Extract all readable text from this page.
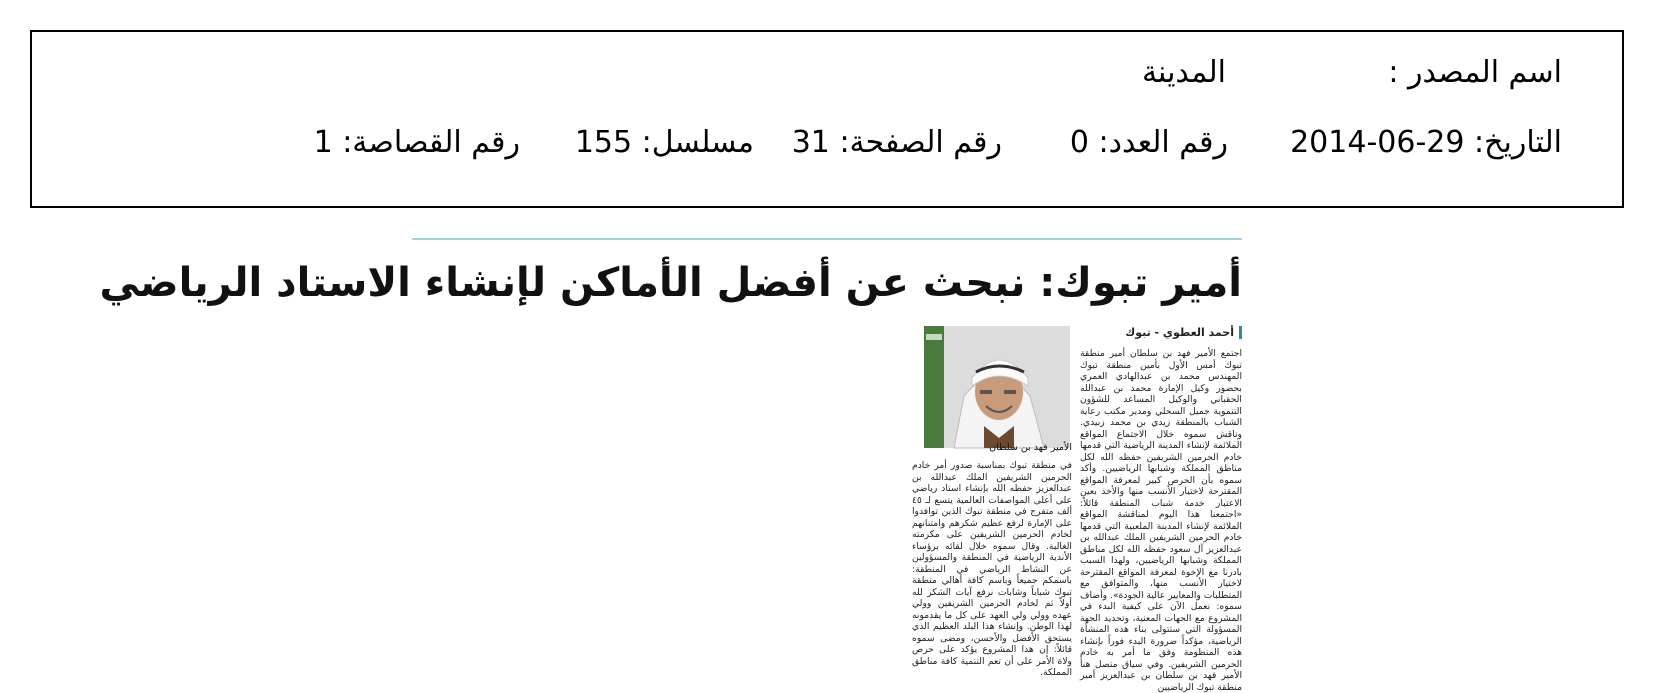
اسم المصدر :
المدينة
التاريخ: 29-06-2014
رقم العدد: 0
رقم الصفحة: 31
مسلسل: 155
رقم القصاصة: 1
أمير تبوك: نبحث عن أفضل الأماكن لإنشاء الاستاد الرياضي
أحمد العطوي - تبوك
الأمير فهد بن سلطان
اجتمع الأمير فهد بن سلطان أمير منطقة تبوك أمس الأول بأمين منطقة تبوك المهندس محمد بن عبدالهادي العمري بحضور وكيل الإمارة محمد بن عبدالله الحقباني والوكيل المساعد للشؤون التنموية جميل السحلي ومدير مكتب رعاية الشباب بالمنطقة زيدي بن محمد زبيدي. وناقش سموه خلال الاجتماع المواقع الملائمة لإنشاء المدينة الرياضية التي قدمها خادم الحرمين الشريفين حفظه الله لكل مناطق المملكة وشبابها الرياضيين. وأكد سموه بأن الحرص كبير لمعرفة المواقع المقترحة لاختيار الأنسب منها والأخذ بعين الاعتبار خدمة شباب المنطقة قائلاً: «اجتمعنا هذا اليوم لمناقشة المواقع الملائمة لإنشاء المدينة الملعبية التي قدمها خادم الحرمين الشريفين الملك عبدالله بن عبدالعزيز آل سعود حفظه الله لكل مناطق المملكة وشبابها الرياضيين، ولهذا السبب بادرنا مع الإخوة لمعرفة المواقع المقترحة لاختيار الأنسب منها، والمتوافق مع المتطلبات والمعايير عالية الجودة». وأضاف سموه: نعمل الآن على كيفية البدء في المشروع مع الجهات المعنية، وتحديد الجهة المسؤولة التي ستتولى بناء هذه المنشأة الرياضية، مؤكداً ضرورة البدء فوراً بإنشاء هذه المنظومة وفق ما أمر به خادم الحرمين الشريفين. وفي سياق متصل هنأ الأمير فهد بن سلطان بن عبدالعزيز أمير منطقة تبوك الرياضيين
في منطقة تبوك بمناسبة صدور أمر خادم الحرمين الشريفين الملك عبدالله بن عبدالعزيز حفظه الله بإنشاء استاد رياضي على أعلى المواصفات العالمية يتسع لـ ٤٥ ألف متفرج في منطقة تبوك الذين توافدوا على الإمارة لرفع عظيم شكرهم وامتنانهم لخادم الحرمين الشريفين على مكرمته الغالية. وقال سموه خلال لقائه برؤساء الأندية الرياضية في المنطقة والمسؤولين عن النشاط الرياضي في المنطقة: باسمكم جميعاً وباسم كافة أهالي منطقة تبوك شباباً وشابات نرفع آيات الشكر لله أولاً ثم لخادم الحرمين الشريفين وولي عهده وولي ولي العهد على كل ما يقدمونه لهذا الوطن. وإنشاء هذا البلد العظيم الذي يستحق الأفضل والأحسن، ومضى سموه قائلاً: إن هذا المشروع يؤكد على حرص ولاة الأمر على أن تعم التنمية كافة مناطق المملكة.
